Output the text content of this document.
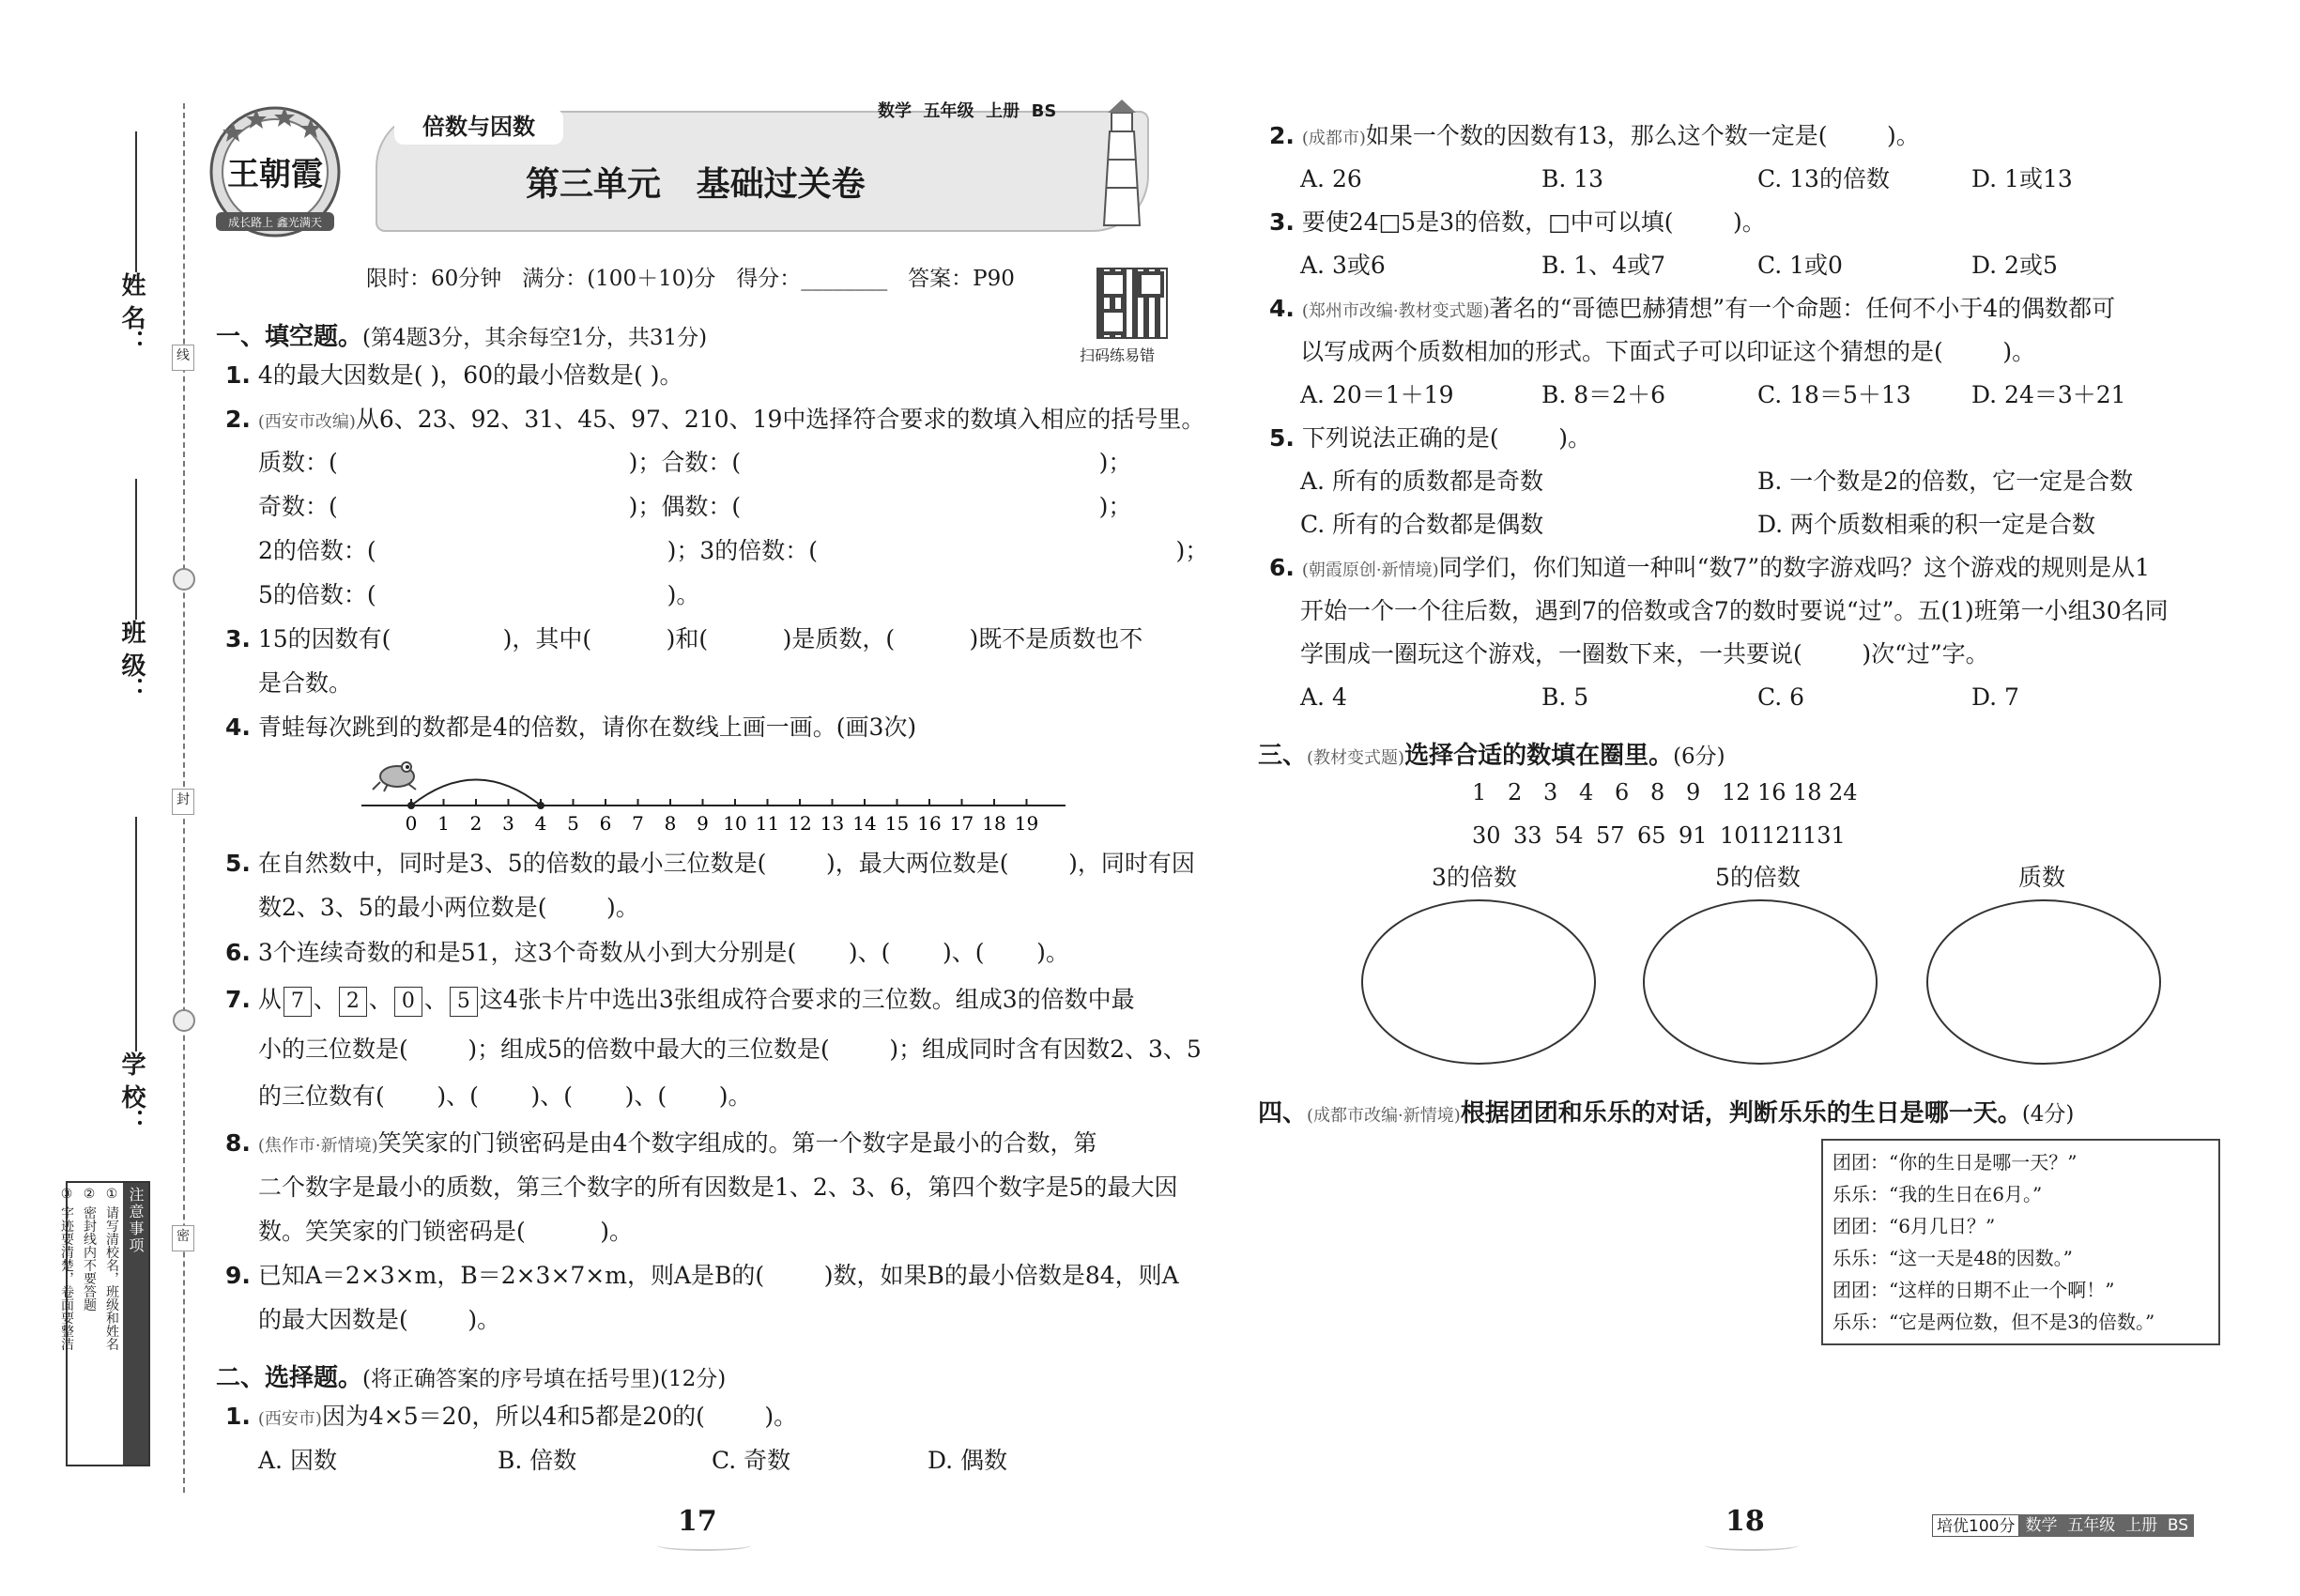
线
封
密
姓 名：
班 级：
学 校：
注意事项
① 请写清校名，班级和姓名
② 密封线内不要答题
③ 字迹要清楚，卷面要整洁
王朝霞
成长路上 鑫光满天
倍数与因数
数学  五年级  上册  BS
第三单元   基础过关卷
限时：60分钟   满分：(100＋10)分   得分：________   答案：P90
扫码练易错
一、填空题。(第4题3分，其余每空1分，共31分)
1. 4的最大因数是( )，60的最小倍数是( )。
2. (西安市改编)从6、23、92、31、45、97、210、19中选择符合要求的数填入相应的括号里。
质数：(                                       )；合数：(                                                )；
奇数：(                                       )；偶数：(                                                )；
2的倍数：(                                       )；3的倍数：(                                                )；
5的倍数：(                                       )。
3. 15的因数有(               )，其中(          )和(          )是质数，(          )既不是质数也不
是合数。
4. 青蛙每次跳到的数都是4的倍数，请你在数线上画一画。(画3次)
0 1 2 3 4 5 6 7 8 9 10 11 12 13 14 15 16 17 18 19
5. 在自然数中，同时是3、5的倍数的最小三位数是(        )，最大两位数是(        )，同时有因
数2、3、5的最小两位数是(        )。
6. 3个连续奇数的和是51，这3个奇数从小到大分别是(       )、(       )、(       )。
7. 从 7 、 2 、 0 、 5 这4张卡片中选出3张组成符合要求的三位数。组成3的倍数中最
小的三位数是(        )；组成5的倍数中最大的三位数是(        )；组成同时含有因数2、3、5
的三位数有(       )、(       )、(       )、(       )。
8. (焦作市·新情境)笑笑家的门锁密码是由4个数字组成的。第一个数字是最小的合数，第
二个数字是最小的质数，第三个数字的所有因数是1、2、3、6，第四个数字是5的最大因
数。笑笑家的门锁密码是(          )。
9. 已知A＝2×3×m，B＝2×3×7×m，则A是B的(        )数，如果B的最小倍数是84，则A
的最大因数是(        )。
二、选择题。(将正确答案的序号填在括号里)(12分)
1. (西安市)因为4×5＝20，所以4和5都是20的(        )。
A. 因数	B. 倍数	C. 奇数	D. 偶数
17
2. (成都市)如果一个数的因数有13，那么这个数一定是(        )。
A. 26	B. 13	C. 13的倍数	D. 1或13
3. 要使24□5是3的倍数，□中可以填(        )。
A. 3或6	B. 1、4或7	C. 1或0	D. 2或5
4. (郑州市改编·教材变式题)著名的“哥德巴赫猜想”有一个命题：任何不小于4的偶数都可
以写成两个质数相加的形式。下面式子可以印证这个猜想的是(        )。
A. 20＝1＋19	B. 8＝2＋6	C. 18＝5＋13	D. 24＝3＋21
5. 下列说法正确的是(        )。
A. 所有的质数都是奇数	B. 一个数是2的倍数，它一定是合数
C. 所有的合数都是偶数	D. 两个质数相乘的积一定是合数
6. (朝霞原创·新情境)同学们，你们知道一种叫“数7”的数字游戏吗？这个游戏的规则是从1
开始一个一个往后数，遇到7的倍数或含7的数时要说“过”。五(1)班第一小组30名同
学围成一圈玩这个游戏，一圈数下来，一共要说(        )次“过”字。
A. 4	B. 5	C. 6	D. 7
三、(教材变式题)选择合适的数填在圈里。(6分)
1 2 3 4 6 8 9 12 16 18 24
30 33 54 57 65 91 101
121
131
3的倍数	5的倍数	质数
四、(成都市改编·新情境)根据团团和乐乐的对话，判断乐乐的生日是哪一天。(4分)
团团：“你的生日是哪一天？”
乐乐：“我的生日在6月。”
团团：“6月几日？”
乐乐：“这一天是48的因数。”
团团：“这样的日期不止一个啊！”
乐乐：“它是两位数，但不是3的倍数。”
18	培优100分 数学  五年级  上册  BS
